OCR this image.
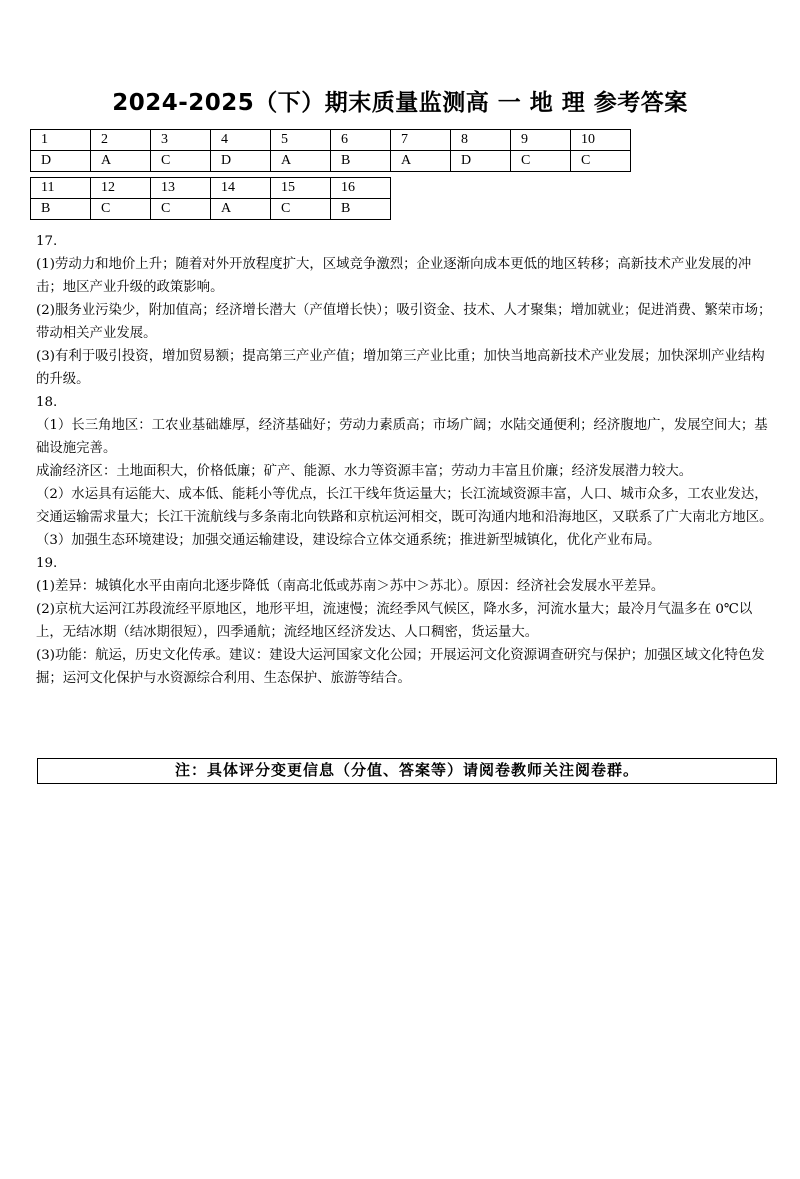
2024-2025（下）期末质量监测高 一 地 理 参考答案
1	2	3	4	5	6	7	8	9	10
D	A	C	D	A	B	A	D	C	C
11	12	13	14	15	16
B	C	C	A	C	B

17.

(1)劳动力和地价上升；随着对外开放程度扩大，区域竞争激烈；企业逐渐向成本更低的地区转移；高新技术产业发展的冲击；地区产业升级的政策影响。

(2)服务业污染少，附加值高；经济增长潜大（产值增长快）；吸引资金、技术、人才聚集；增加就业；促进消费、繁荣市场；带动相关产业发展。

(3)有利于吸引投资，增加贸易额；提高第三产业产值；增加第三产业比重；加快当地高新技术产业发展；加快深圳产业结构的升级。

18.

（1）长三角地区：工农业基础雄厚，经济基础好；劳动力素质高；市场广阔；水陆交通便利；经济腹地广，发展空间大；基础设施完善。

成渝经济区：土地面积大，价格低廉；矿产、能源、水力等资源丰富；劳动力丰富且价廉；经济发展潜力较大。

（2）水运具有运能大、成本低、能耗小等优点，长江干线年货运量大；长江流域资源丰富，人口、城市众多，工农业发达，交通运输需求量大；长江干流航线与多条南北向铁路和京杭运河相交，既可沟通内地和沿海地区，又联系了广大南北方地区。

（3）加强生态环境建设；加强交通运输建设，建设综合立体交通系统；推进新型城镇化，优化产业布局。

19.

(1)差异：城镇化水平由南向北逐步降低（南高北低或苏南＞苏中＞苏北）。原因：经济社会发展水平差异。

(2)京杭大运河江苏段流经平原地区，地形平坦，流速慢；流经季风气候区，降水多，河流水量大；最冷月气温多在 0℃以上，无结冰期（结冰期很短），四季通航；流经地区经济发达、人口稠密，货运量大。

(3)功能：航运，历史文化传承。建议：建设大运河国家文化公园；开展运河文化资源调查研究与保护；加强区域文化特色发掘；运河文化保护与水资源综合利用、生态保护、旅游等结合。

注：具体评分变更信息（分值、答案等）请阅卷教师关注阅卷群。
